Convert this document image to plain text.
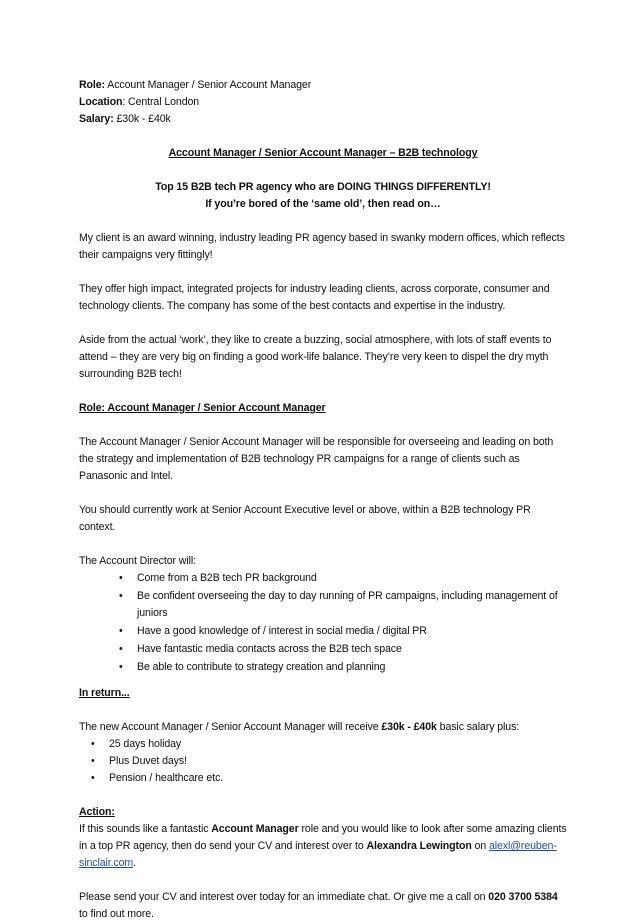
Role: Account Manager / Senior Account Manager

Location: Central London

Salary: £30k - £40k

Account Manager / Senior Account Manager – B2B technology

Top 15 B2B tech PR agency who are DOING THINGS DIFFERENTLY!

If you’re bored of the ‘same old’, then read on…

My client is an award winning, industry leading PR agency based in swanky modern offices, which reflects their campaigns very fittingly!

They offer high impact, integrated projects for industry leading clients, across corporate, consumer and technology clients. The company has some of the best contacts and expertise in the industry.

Aside from the actual ‘work’, they like to create a buzzing, social atmosphere, with lots of staff events to attend – they are very big on finding a good work-life balance. They’re very keen to dispel the dry myth surrounding B2B tech!

Role: Account Manager / Senior Account Manager

The Account Manager / Senior Account Manager will be responsible for overseeing and leading on both the strategy and implementation of B2B technology PR campaigns for a range of clients such as Panasonic and Intel.

You should currently work at Senior Account Executive level or above, within a B2B technology PR context.

The Account Director will:

• Come from a B2B tech PR background
• Be confident overseeing the day to day running of PR campaigns, including management of juniors
• Have a good knowledge of / interest in social media / digital PR
• Have fantastic media contacts across the B2B tech space
• Be able to contribute to strategy creation and planning

In return...

The new Account Manager / Senior Account Manager will receive £30k - £40k basic salary plus:

• 25 days holiday
• Plus Duvet days!
• Pension / healthcare etc.

Action:

If this sounds like a fantastic Account Manager role and you would like to look after some amazing clients in a top PR agency, then do send your CV and interest over to Alexandra Lewington on alexl@reuben-sinclair.com.

Please send your CV and interest over today for an immediate chat. Or give me a call on 020 3700 5384 to find out more.
